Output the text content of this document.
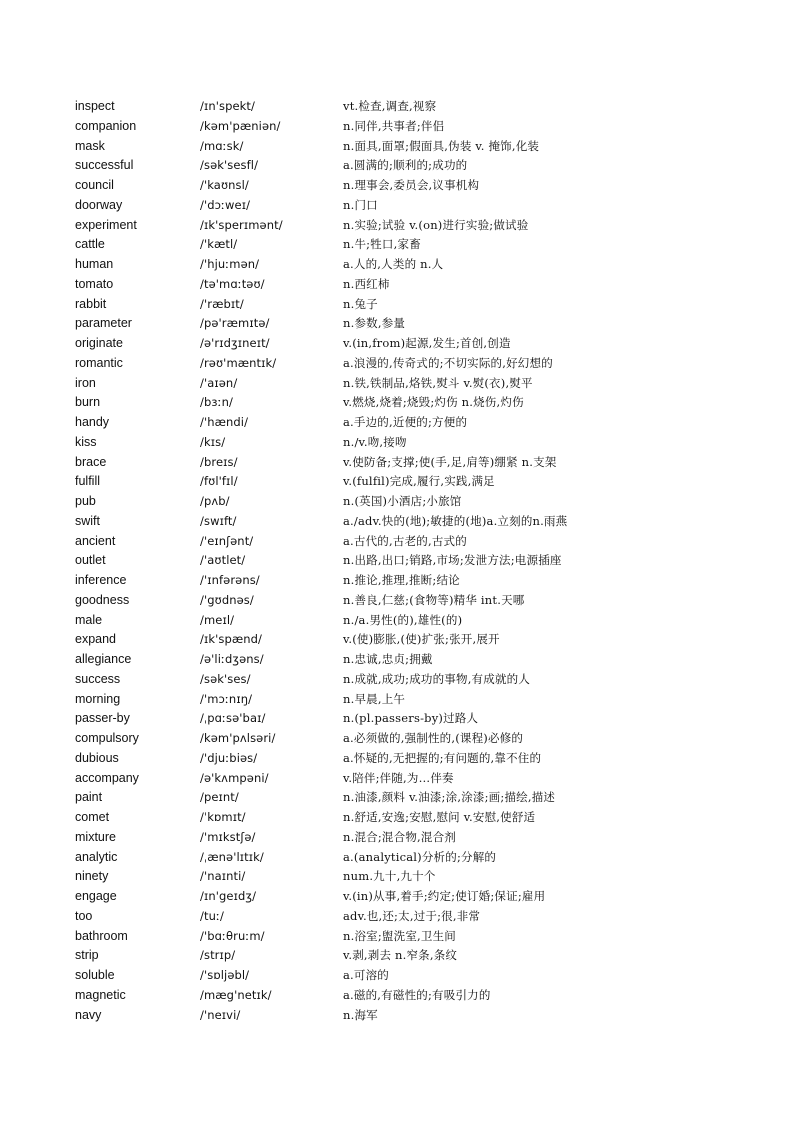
inspect	/ɪn'spekt/	vt.检查,调查,视察
companion	/kəm'pæniən/	n.同伴,共事者;伴侣
mask	/mɑːsk/	n.面具,面罩;假面具,伪装 v. 掩饰,化装
successful	/sək'sesfl/	a.圆满的;顺利的;成功的
council	/'kaʊnsl/	n.理事会,委员会,议事机构
doorway	/'dɔːweɪ/	n.门口
experiment	/ɪk'sperɪmənt/	n.实验;试验 v.(on)进行实验;做试验
cattle	/'kætl/	n.牛;牲口,家畜
human	/'hjuːmən/	a.人的,人类的 n.人
tomato	/tə'mɑːtəʊ/	n.西红柿
rabbit	/'ræbɪt/	n.兔子
parameter	/pə'ræmɪtə/	n.参数,参量
originate	/ə'rɪdʒɪneɪt/	v.(in,from)起源,发生;首创,创造
romantic	/rəʊ'mæntɪk/	a.浪漫的,传奇式的;不切实际的,好幻想的
iron	/'aɪən/	n.铁,铁制品,烙铁,熨斗 v.熨(衣),熨平
burn	/bɜːn/	v.燃烧,烧着;烧毁;灼伤 n.烧伤,灼伤
handy	/'hændi/	a.手边的,近便的;方便的
kiss	/kɪs/	n./v.吻,接吻
brace	/breɪs/	v.使防备;支撑;使(手,足,肩等)绷紧 n.支架
fulfill	/fʊl'fɪl/	v.(fulfil)完成,履行,实践,满足
pub	/pʌb/	n.(英国)小酒店;小旅馆
swift	/swɪft/	a./adv.快的(地);敏捷的(地)a.立刻的n.雨燕
ancient	/'eɪnʃənt/	a.古代的,古老的,古式的
outlet	/'aʊtlet/	n.出路,出口;销路,市场;发泄方法;电源插座
inference	/'ɪnfərəns/	n.推论,推理,推断;结论
goodness	/'gʊdnəs/	n.善良,仁慈;(食物等)精华 int.天哪
male	/meɪl/	n./a.男性(的),雄性(的)
expand	/ɪk'spænd/	v.(使)膨胀,(使)扩张;张开,展开
allegiance	/ə'liːdʒəns/	n.忠诚,忠贞;拥戴
success	/sək'ses/	n.成就,成功;成功的事物,有成就的人
morning	/'mɔːnɪŋ/	n.早晨,上午
passer-by	/ˌpɑːsə'baɪ/	n.(pl.passers-by)过路人
compulsory	/kəm'pʌlsəri/	a.必须做的,强制性的,(课程)必修的
dubious	/'djuːbiəs/	a.怀疑的,无把握的;有问题的,靠不住的
accompany	/ə'kʌmpəni/	v.陪伴;伴随,为…伴奏
paint	/peɪnt/	n.油漆,颜料 v.油漆;涂,涂漆;画;描绘,描述
comet	/ˈkɒmɪt/	n.舒适,安逸;安慰,慰问 v.安慰,使舒适
mixture	/'mɪkstʃə/	n.混合;混合物,混合剂
analytic	/ˌænə'lɪtɪk/	a.(analytical)分析的;分解的
ninety	/'naɪnti/	num.九十,九十个
engage	/ɪn'geɪdʒ/	v.(in)从事,着手;约定;使订婚;保证;雇用
too	/tuː/	adv.也,还;太,过于;很,非常
bathroom	/'bɑːθruːm/	n.浴室;盥洗室,卫生间
strip	/strɪp/	v.剥,剥去 n.窄条,条纹
soluble	/'sɒljəbl/	a.可溶的
magnetic	/mæg'netɪk/	a.磁的,有磁性的;有吸引力的
navy	/'neɪvi/	n.海军
